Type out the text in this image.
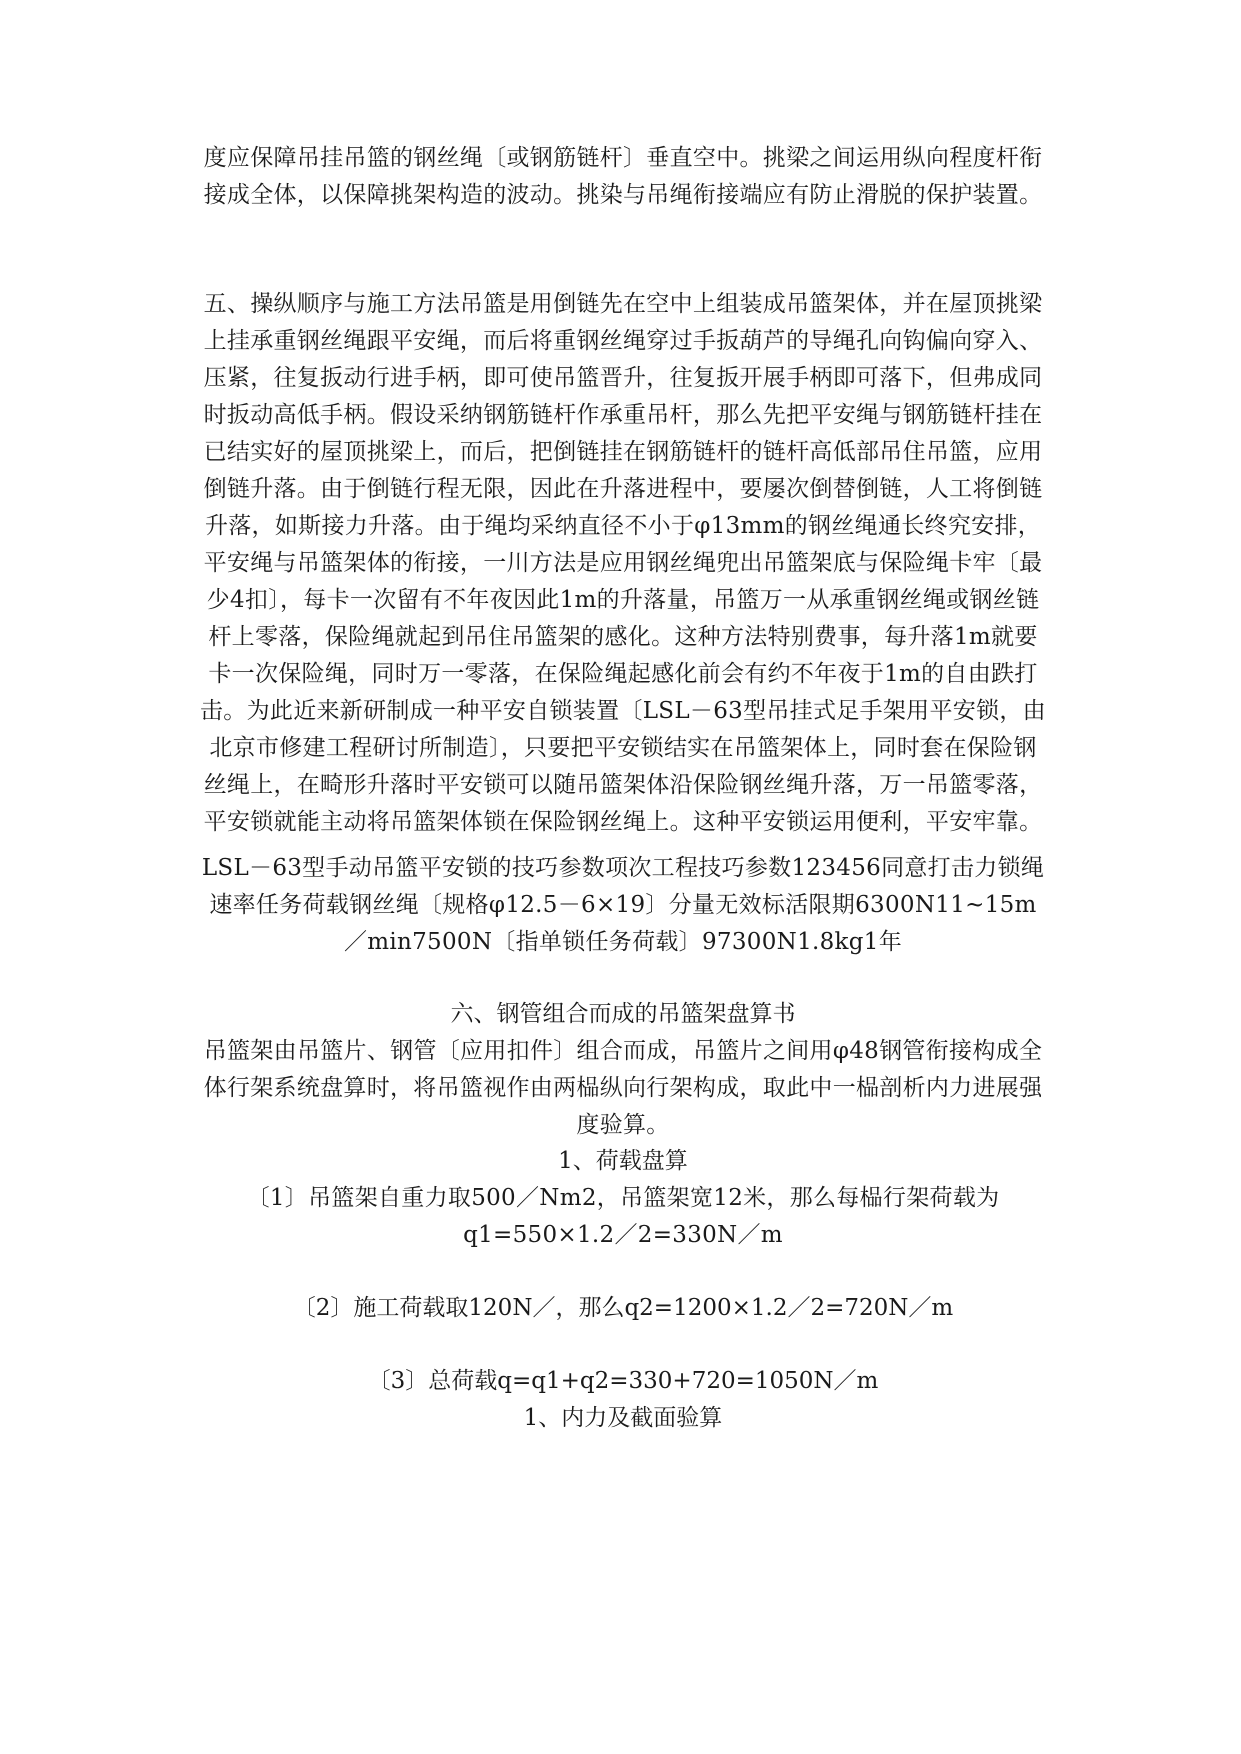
度应保障吊挂吊篮的钢丝绳〔或钢筋链杆〕垂直空中。挑梁之间运用纵向程度杆衔接成全体，以保障挑架构造的波动。挑染与吊绳衔接端应有防止滑脱的保护装置。
五、操纵顺序与施工方法吊篮是用倒链先在空中上组装成吊篮架体，并在屋顶挑梁上挂承重钢丝绳跟平安绳，而后将重钢丝绳穿过手扳葫芦的导绳孔向钩偏向穿入、压紧，往复扳动行进手柄，即可使吊篮晋升，往复扳开展手柄即可落下，但弗成同时扳动高低手柄。假设采纳钢筋链杆作承重吊杆，那么先把平安绳与钢筋链杆挂在已结实好的屋顶挑梁上，而后，把倒链挂在钢筋链杆的链杆高低部吊住吊篮，应用倒链升落。由于倒链行程无限，因此在升落进程中，要屡次倒替倒链，人工将倒链升落，如斯接力升落。由于绳均采纳直径不小于φ13mm的钢丝绳通长终究安排，平安绳与吊篮架体的衔接，一川方法是应用钢丝绳兜出吊篮架底与保险绳卡牢〔最少4扣〕，每卡一次留有不年夜因此1m的升落量，吊篮万一从承重钢丝绳或钢丝链杆上零落，保险绳就起到吊住吊篮架的感化。这种方法特别费事，每升落1m就要卡一次保险绳，同时万一零落，在保险绳起感化前会有约不年夜于1m的自由跌打击。为此近来新研制成一种平安自锁装置〔LSL－63型吊挂式足手架用平安锁，由北京市修建工程研讨所制造〕，只要把平安锁结实在吊篮架体上，同时套在保险钢丝绳上，在畸形升落时平安锁可以随吊篮架体沿保险钢丝绳升落，万一吊篮零落，平安锁就能主动将吊篮架体锁在保险钢丝绳上。这种平安锁运用便利，平安牢靠。
LSL－63型手动吊篮平安锁的技巧参数项次工程技巧参数123456同意打击力锁绳速率任务荷载钢丝绳〔规格φ12.5－6×19〕分量无效标活限期6300N11~15m／min7500N〔指单锁任务荷载〕97300N1.8kg1年
六、钢管组合而成的吊篮架盘算书
吊篮架由吊篮片、钢管〔应用扣件〕组合而成，吊篮片之间用φ48钢管衔接构成全体行架系统盘算时，将吊篮视作由两榀纵向行架构成，取此中一榀剖析内力进展强度验算。
1、荷载盘算
〔1〕吊篮架自重力取500／Nm2，吊篮架宽12米，那么每榀行架荷载为q1=550×1.2／2=330N／m
〔2〕施工荷载取120N／，那么q2=1200×1.2／2=720N／m
〔3〕总荷载q=q1+q2=330+720=1050N／m
1、内力及截面验算
